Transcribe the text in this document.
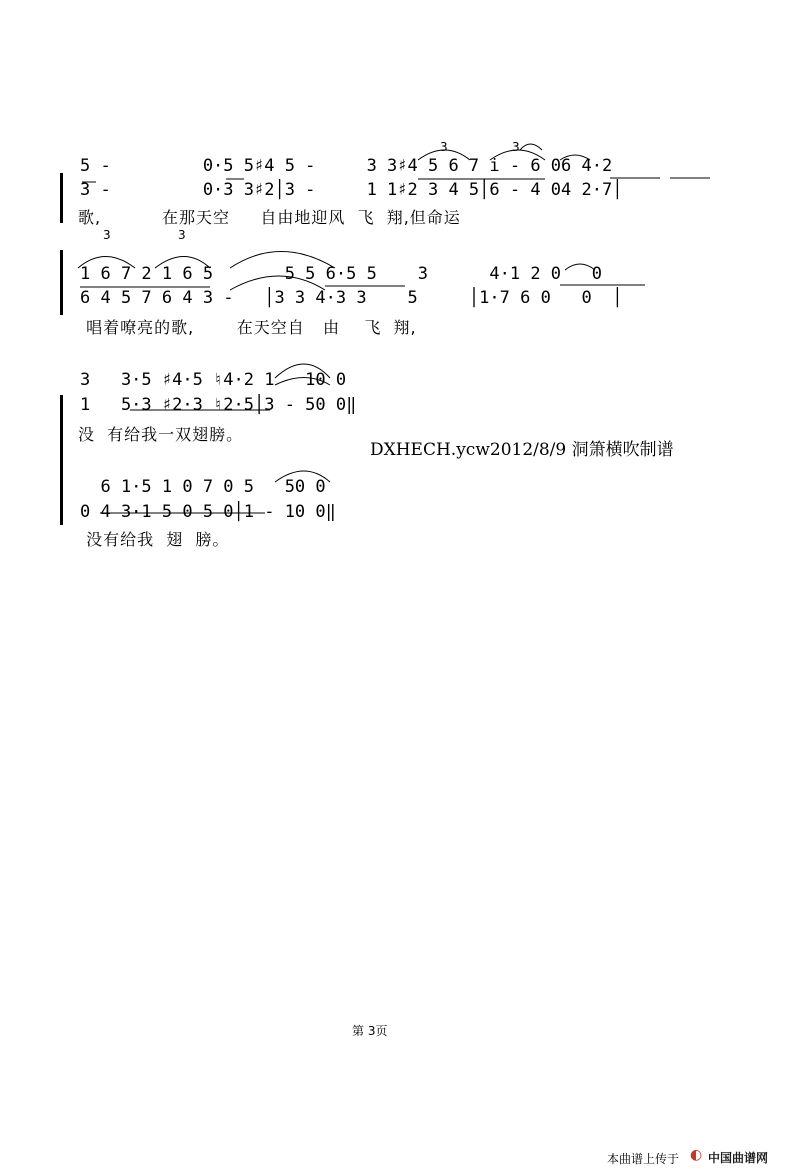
5 -         0·5 5♯4 5 -     3 3♯4 5 6 7 i - 6 06 4·2
3 -         0·3 3♯2│3 -     1 1♯2 3 4 5│6 - 4 04 2·7│
歌,          在那天空     自由地迎风  飞  翔,但命运
3	3
3	3
1 6 7 2 1 6 5       5 5 6·5 5    3      4·1 2 0   0
6 4 5 7 6 4 3 -   │3 3 4·3 3    5     │1·7 6 0   0  │
唱着嘹亮的歌,       在天空自   由    飞  翔,
3   3·5 ♯4·5 ♮4·2 1   10 0
1   5·3 ♯2·3 ♮2·5│3 - 50 0‖
没  有给我一双翅膀。
DXHECH.ycw2012/8/9 洞箫横吹制谱
6 1·5 1 0 7 0 5   50 0
0 4 3·1 5 0 5 0│1 - 10 0‖
没有给我  翅  膀。
第 3页
本曲谱上传于 ◐ 中国曲谱网
